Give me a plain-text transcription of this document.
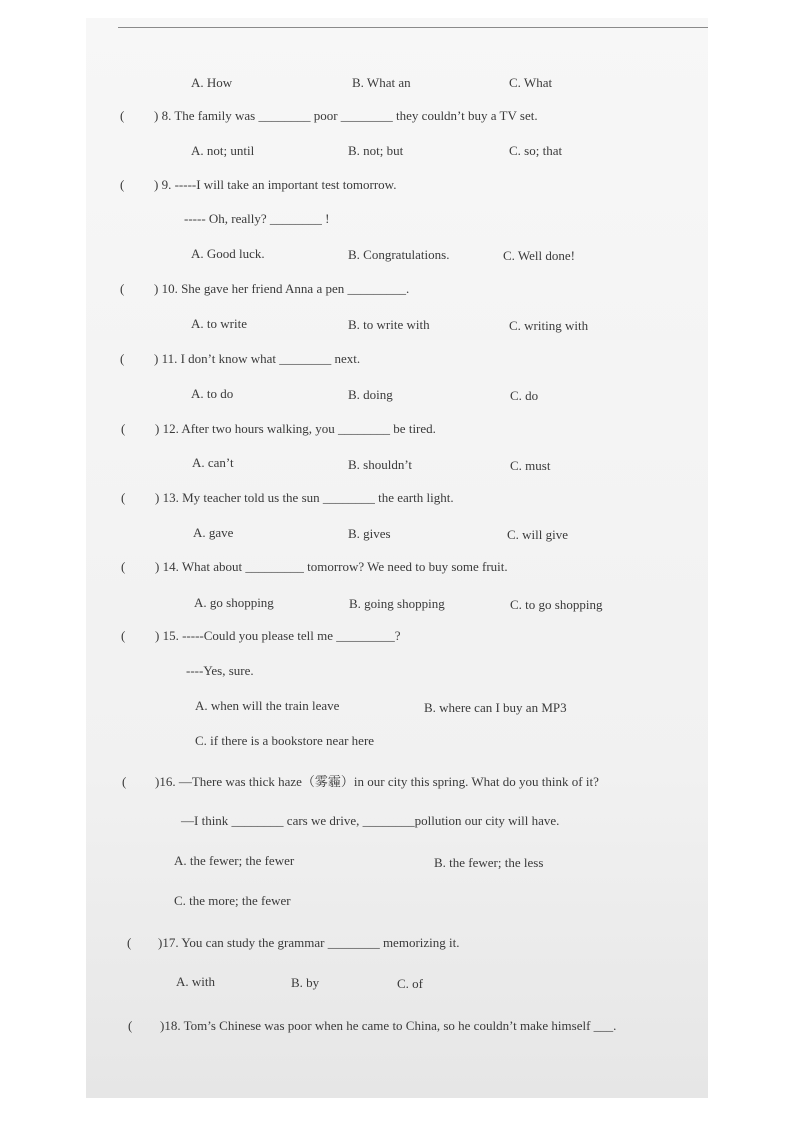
A. How	B. What an	C. What
( ) 8. The family was ________ poor ________ they couldn’t buy a TV set.
A. not; until	B. not; but	C. so; that
( ) 9. -----I will take an important test tomorrow.
----- Oh, really? ________ !
A. Good luck.	B. Congratulations.	C. Well done!
( ) 10. She gave her friend Anna a pen _________.
A. to write	B. to write with	C. writing with
( ) 11. I don’t know what ________ next.
A. to do	B. doing	C. do
( ) 12. After two hours walking, you ________ be tired.
A. can’t	B. shouldn’t	C. must
( ) 13. My teacher told us the sun ________ the earth light.
A. gave	B. gives	C. will give
( ) 14. What about _________ tomorrow? We need to buy some fruit.
A. go shopping	B. going shopping	C. to go shopping
( ) 15. -----Could you please tell me _________?
----Yes, sure.
A. when will the train leave	B. where can I buy an MP3
C. if there is a bookstore near here
( )16. —There was thick haze（雾霾）in our city this spring. What do you think of it?
—I think ________ cars we drive, ________pollution our city will have.
A. the fewer; the fewer	B. the fewer; the less
C. the more; the fewer
( )17. You can study the grammar ________ memorizing it.
A. with	B. by	C. of
( )18. Tom’s Chinese was poor when he came to China, so he couldn’t make himself ___.
